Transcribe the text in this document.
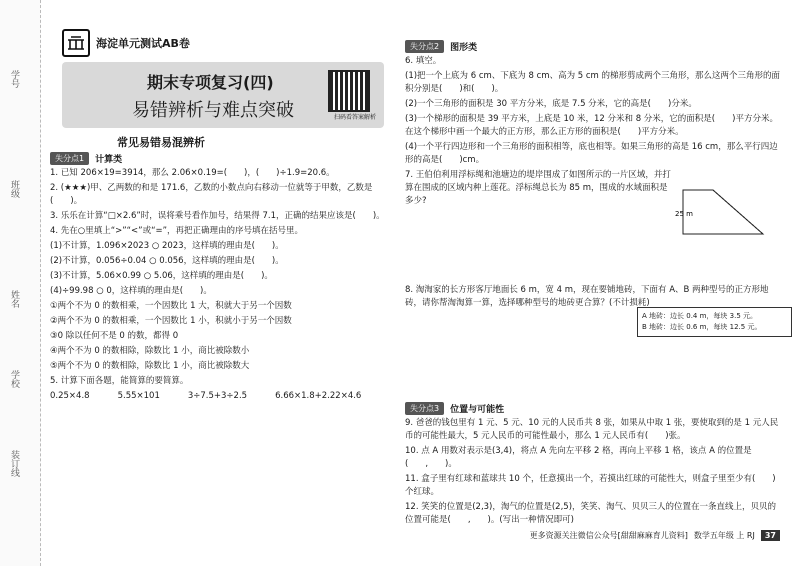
学号
班级
姓名
学校
装订线
海淀单元测试AB卷
期末专项复习(四)
易错辨析与难点突破	扫码看答案解析
常见易错易混辨析
失分点1	计算类
1. 已知 206×19=3914，那么 2.06×0.19=(　　)，(　　)÷1.9=20.6。
2. (★★★)甲、乙两数的和是 171.6，乙数的小数点向右移动一位就等于甲数，乙数是(　　)。
3. 乐乐在计算“□×2.6”时，误将乘号看作加号，结果得 7.1，正确的结果应该是(　　)。
4. 先在○里填上“>”“<”或“=”，再把正确理由的序号填在括号里。
(1)不计算，1.096×2023 ○ 2023，这样填的理由是(　　)。
(2)不计算，0.056÷0.04 ○ 0.056，这样填的理由是(　　)。
(3)不计算，5.06×0.99 ○ 5.06，这样填的理由是(　　)。
(4)÷99.98 ○ 0，这样填的理由是(　　)。
①两个不为 0 的数相乘，一个因数比 1 大，积就大于另一个因数
②两个不为 0 的数相乘，一个因数比 1 小，积就小于另一个因数
③0 除以任何不是 0 的数，都得 0
④两个不为 0 的数相除，除数比 1 小，商比被除数小
⑤两个不为 0 的数相除，除数比 1 小，商比被除数大
5. 计算下面各题，能简算的要简算。
0.25×4.8	5.55×101	3÷7.5+3÷2.5	6.66×1.8+2.22×4.6
失分点2	图形类
6. 填空。
(1)把一个上底为 6 cm、下底为 8 cm、高为 5 cm 的梯形剪成两个三角形，那么这两个三角形的面积分别是(　　)和(　　)。
(2)一个三角形的面积是 30 平方分米，底是 7.5 分米，它的高是(　　)分米。
(3)一个梯形的面积是 39 平方米，上底是 10 米，12 分米和 8 分米，它的面积是(　　)平方分米。在这个梯形中画一个最大的正方形，那么正方形的面积是(　　)平方分米。
(4)一个平行四边形和一个三角形的面积相等，底也相等。如果三角形的高是 16 cm，那么平行四边形的高是(　　)cm。
7. 王伯伯利用浮标绳和池塘边的堤岸围成了如图所示的一片区域，并打算在围成的区域内种上莲花。浮标绳总长为 85 m，围成的水域面积是多少?
25 m
8. 淘淘家的长方形客厅地面长 6 m，宽 4 m，现在要铺地砖，下面有 A、B 两种型号的正方形地砖，请你帮淘淘算一算，选择哪种型号的地砖更合算？(不计损耗)
A 地砖：边长 0.4 m，每块 3.5 元。
B 地砖：边长 0.6 m，每块 12.5 元。
失分点3	位置与可能性
9. 爸爸的钱包里有 1 元、5 元、10 元的人民币共 8 张，如果从中取 1 张，要使取到的是 1 元人民币的可能性最大，5 元人民币的可能性最小，那么 1 元人民币有(　　)张。
10. 点 A 用数对表示是(3,4)，将点 A 先向左平移 2 格，再向上平移 1 格，该点 A 的位置是(　　,　　)。
11. 盒子里有红球和蓝球共 10 个，任意摸出一个，若摸出红球的可能性大，则盒子里至少有(　　)个红球。
12. 笑笑的位置是(2,3)，淘气的位置是(2,5)，笑笑、淘气、贝贝三人的位置在一条直线上，贝贝的位置可能是(　　,　　)。(写出一种情况即可)
更多资源关注微信公众号[甜甜麻麻育儿资料] 数学五年级 上 RJ	37
